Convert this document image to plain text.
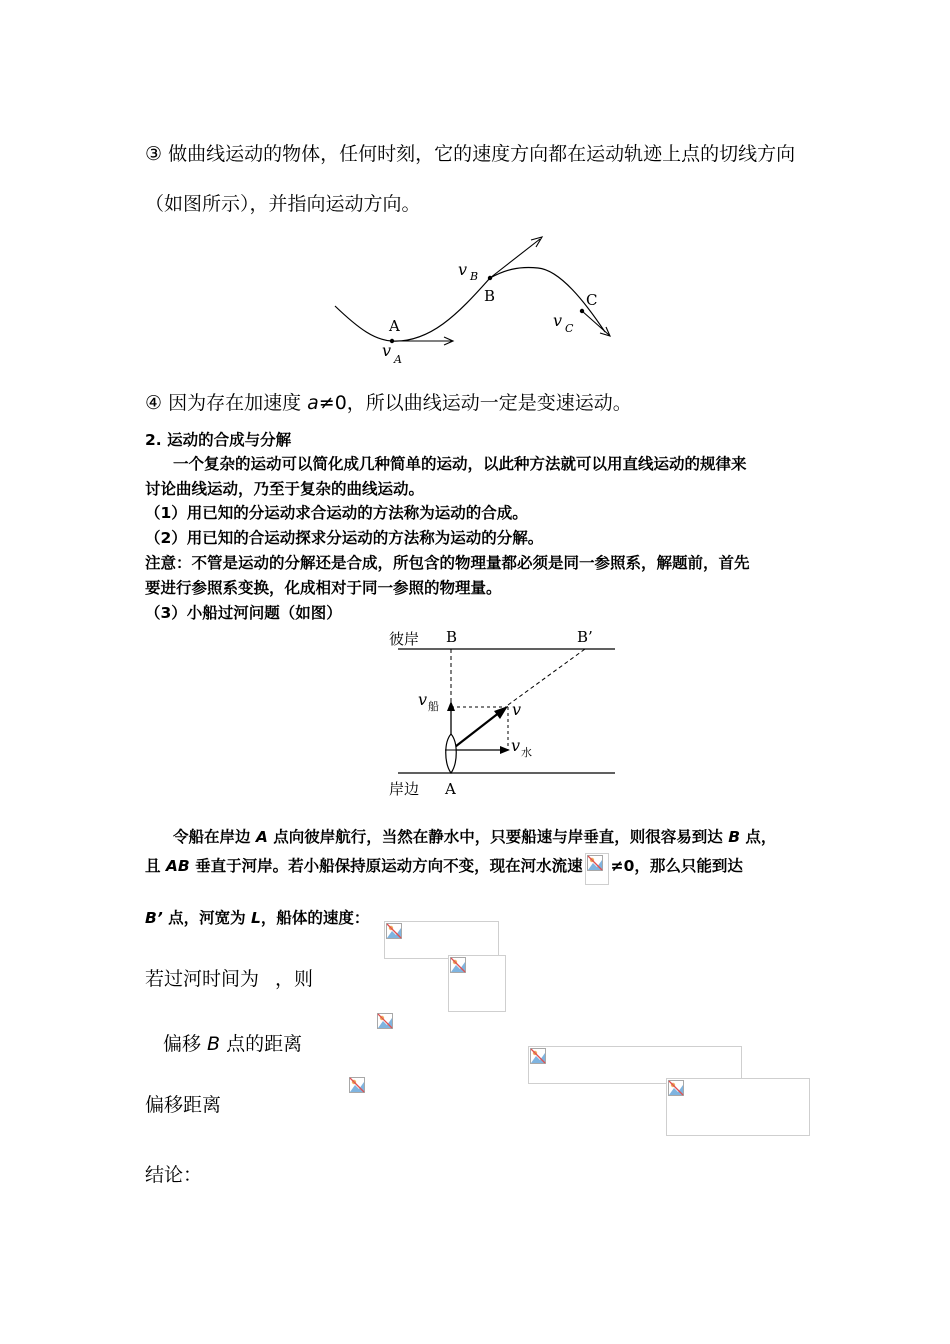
③ 做曲线运动的物体，任何时刻，它的速度方向都在运动轨迹上点的切线方向
（如图所示），并指向运动方向。
A
B	C
v $_A$
v $_B$
v $_C$
④ 因为存在加速度 a≠0，所以曲线运动一定是变速运动。
2. 运动的合成与分解
一个复杂的运动可以简化成几种简单的运动，以此种方法就可以用直线运动的规律来
讨论曲线运动，乃至于复杂的曲线运动。
（1）用已知的分运动求合运动的方法称为运动的合成。
（2）用已知的合运动探求分运动的方法称为运动的分解。
注意：不管是运动的分解还是合成，所包含的物理量都必须是同一参照系，解题前，首先
要进行参照系变换，化成相对于同一参照的物理量。
（3）小船过河问题（如图）
彼岸 B	B’
岸边 A
$v_船$	v
$v_水$
令船在岸边 A 点向彼岸航行，当然在静水中，只要船速与岸垂直，则很容易到达 B 点，
且 AB 垂直于河岸。若小船保持原运动方向不变，现在河水流速 ≠0，那么只能到达
B’ 点，河宽为 L，船体的速度：

若过河时间为 ，则

偏移 B 点的距离

偏移距离
结论：
